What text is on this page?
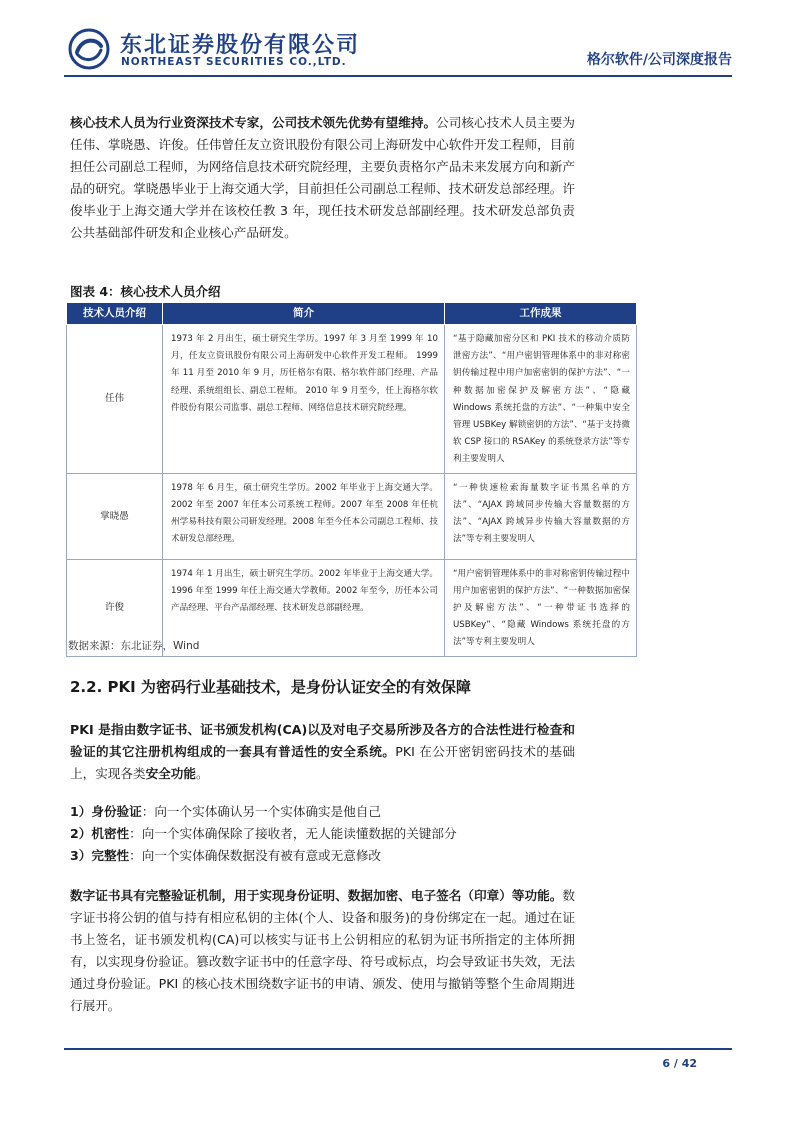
东北证券股份有限公司
NORTHEAST SECURITIES CO.,LTD.	格尔软件/公司深度报告
核心技术人员为行业资深技术专家，公司技术领先优势有望维持。公司核心技术人员主要为任伟、掌晓愚、许俊。任伟曾任友立资讯股份有限公司上海研发中心软件开发工程师，目前担任公司副总工程师，为网络信息技术研究院经理，主要负责格尔产品未来发展方向和新产品的研究。掌晓愚毕业于上海交通大学，目前担任公司副总工程师、技术研发总部经理。许俊毕业于上海交通大学并在该校任教 3 年，现任技术研发总部副经理。技术研发总部负责公共基础部件研发和企业核心产品研发。
图表 4：核心技术人员介绍
技术人员介绍	简介	工作成果
任伟	1973 年 2 月出生，硕士研究生学历。1997 年 3 月至 1999 年 10 月，任友立资讯股份有限公司上海研发中心软件开发工程师。 1999 年 11 月至 2010 年 9 月，历任格尔有限、格尔软件部门经理、产品经理、系统组组长、副总工程师。 2010 年 9 月至今，任上海格尔软件股份有限公司监事、副总工程师、网络信息技术研究院经理。	“基于隐藏加密分区和 PKI 技术的移动介质防泄密方法”、“用户密钥管理体系中的非对称密钥传输过程中用户加密密钥的保护方法”、“一种数据加密保护及解密方法”、“隐藏 Windows 系统托盘的方法”、“一种集中安全管理 USBKey 解锁密钥的方法”、“基于支持微软 CSP 接口的 RSAKey 的系统登录方法”等专利主要发明人
掌晓愚	1978 年 6 月生，硕士研究生学历。2002 年毕业于上海交通大学。2002 年至 2007 年任本公司系统工程师。2007 年至 2008 年任杭州学易科技有限公司研发经理。2008 年至今任本公司副总工程师、技术研发总部经理。	“一种快速检索海量数字证书黑名单的方法”、“AJAX 跨域同步传输大容量数据的方法”、“AJAX 跨域异步传输大容量数据的方法”等专利主要发明人
许俊	1974 年 1 月出生，硕士研究生学历。2002 年毕业于上海交通大学。1996 年至 1999 年任上海交通大学教师。2002 年至今，历任本公司产品经理、平台产品部经理、技术研发总部副经理。	“用户密钥管理体系中的非对称密钥传输过程中用户加密密钥的保护方法”、“一种数据加密保护及解密方法”、“一种带证书选择的 USBKey”、“隐藏 Windows 系统托盘的方法”等专利主要发明人
数据来源：东北证券，Wind
2.2. PKI 为密码行业基础技术，是身份认证安全的有效保障
PKI 是指由数字证书、证书颁发机构(CA)以及对电子交易所涉及各方的合法性进行检查和验证的其它注册机构组成的一套具有普适性的安全系统。PKI 在公开密钥密码技术的基础上，实现各类安全功能。
1）身份验证：向一个实体确认另一个实体确实是他自己
2）机密性：向一个实体确保除了接收者，无人能读懂数据的关键部分
3）完整性：向一个实体确保数据没有被有意或无意修改
数字证书具有完整验证机制，用于实现身份证明、数据加密、电子签名（印章）等功能。数字证书将公钥的值与持有相应私钥的主体(个人、设备和服务)的身份绑定在一起。通过在证书上签名，证书颁发机构(CA)可以核实与证书上公钥相应的私钥为证书所指定的主体所拥有，以实现身份验证。篡改数字证书中的任意字母、符号或标点，均会导致证书失效，无法通过身份验证。PKI 的核心技术围绕数字证书的申请、颁发、使用与撤销等整个生命周期进行展开。
6 / 42
